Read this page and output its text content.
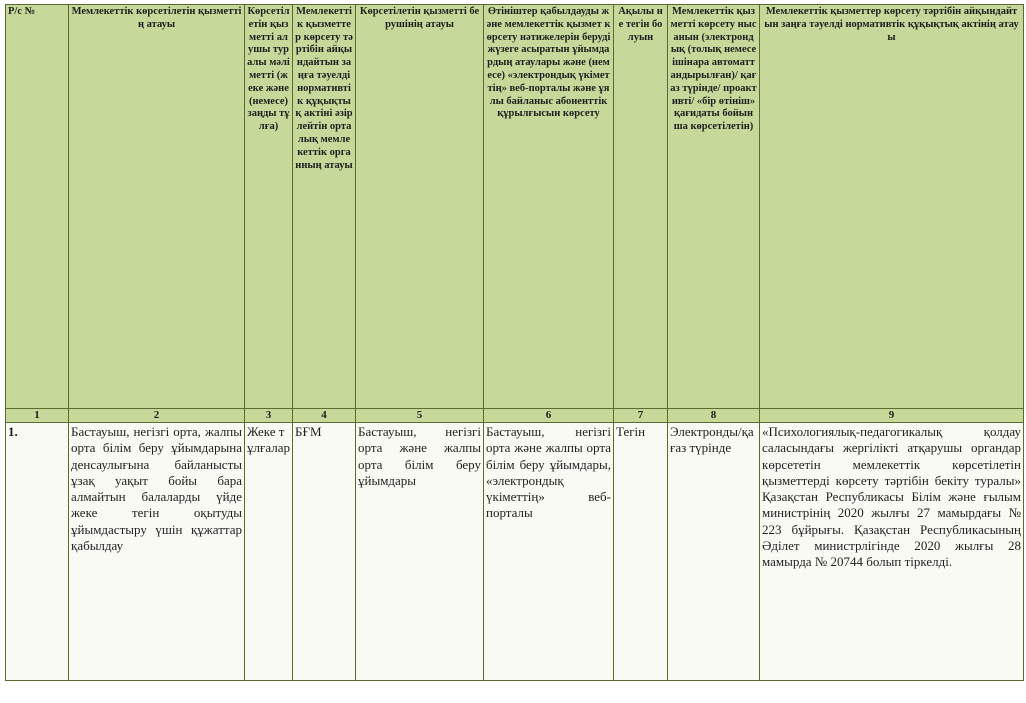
Р/с №	Мемлекеттік көрсетілетін қызметтің атауы	Көрсетілетін қызметті алушы туралы мәліметті (жеке және (немесе) заңды тұлға)	Мемлекеттік қызметтер көрсету тәртібін айқындайтын заңға тәуелді нормативтік құқықтық актіні әзірлейтін орталық мемлекеттік органның атауы	Көрсетілетін қызметті берушінің атауы	Өтініштер қабылдауды және мемлекеттік қызмет көрсету нәтижелерін беруді жүзеге асыратын ұйымдардың атаулары және (немесе) «электрондық үкіметтің» веб-порталы және ұялы байланыс абоненттік құрылғысын көрсету	Ақылы не тегін болуын	Мемлекеттік қызметті көрсету нысанын (электрондық (толық немесе ішінара автоматтандырылған)/ қағаз түрінде/ проактивті/ «бір өтініш» қағидаты бойынша көрсетілетін)	Мемлекеттік қызметтер көрсету тәртібін айқындайтын заңға тәуелді нормативтік құқықтық актінің атауы
1	2	3	4	5	6	7	8	9
1.	Бастауыш, негізгі орта, жалпы орта білім беру ұйымдарына денсаулығына байланысты ұзақ уақыт бойы бара алмайтын балаларды үйде жеке тегін оқытуды ұйымдастыру үшін құжаттар қабылдау	Жеке тұлғалар	БҒМ	Бастауыш, негізгі орта және жалпы орта білім беру ұйымдары	Бастауыш, негізгі орта және жалпы орта білім беру ұйымдары, «электрондық үкіметтің» веб-порталы	Тегін	Электронды/қағаз түрінде	«Психологиялық-педагогикалық қолдау саласындағы жергілікті атқарушы органдар көрсететін мемлекеттік көрсетілетін қызметтерді көрсету тәртібін бекіту туралы» Қазақстан Республикасы Білім және ғылым министрінің 2020 жылғы 27 мамырдағы № 223 бұйрығы. Қазақстан Республикасының Әділет министрлігінде 2020 жылғы 28 мамырда № 20744 болып тіркелді.
